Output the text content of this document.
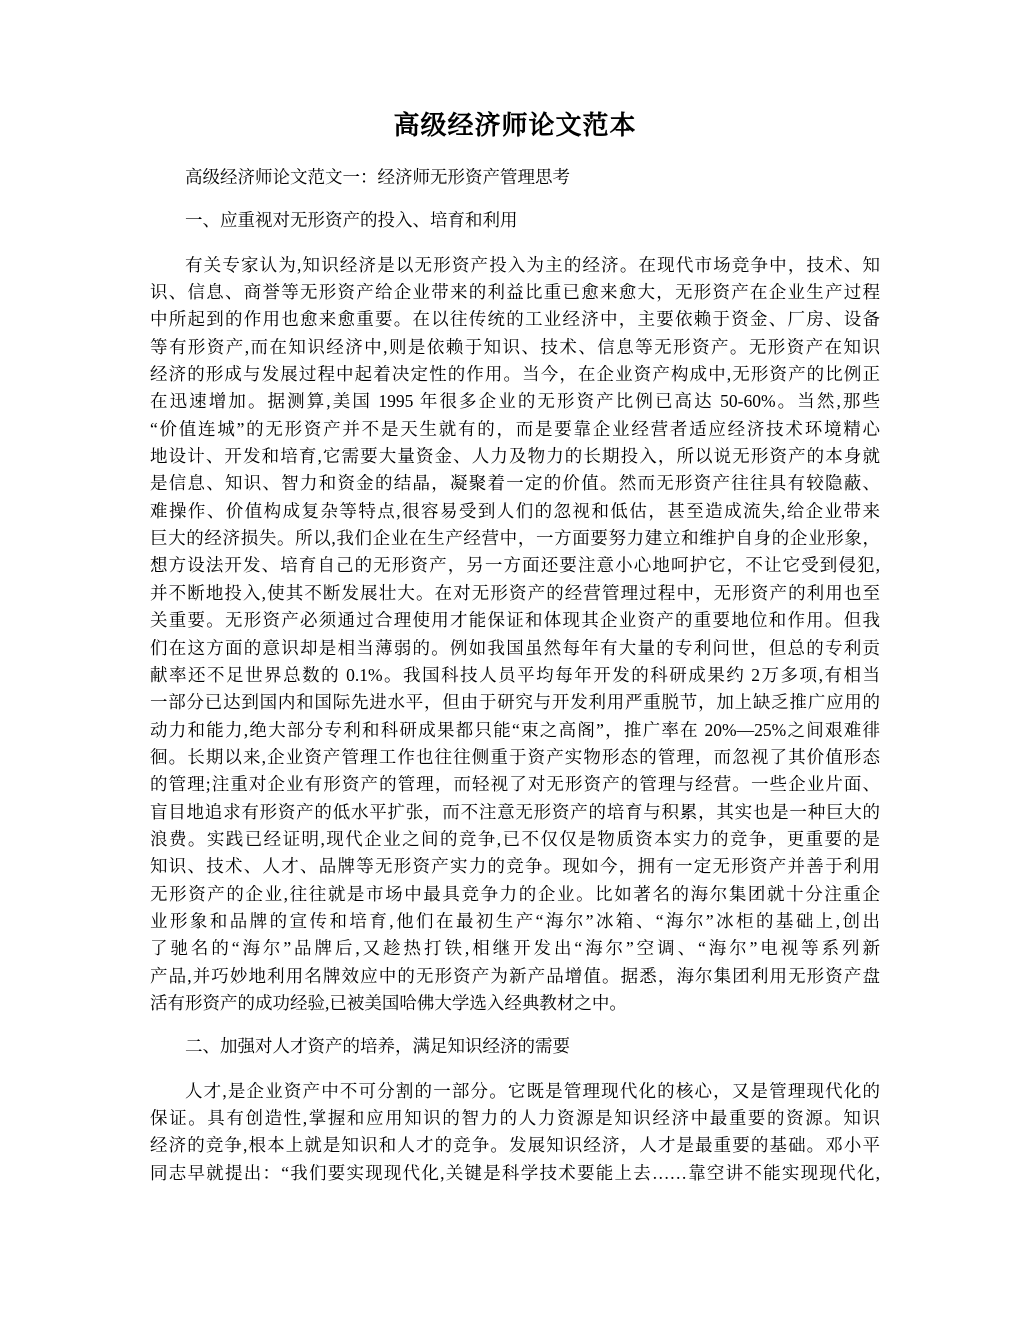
高级经济师论文范本

高级经济师论文范文一：经济师无形资产管理思考

一、应重视对无形资产的投入、培育和利用

有关专家认为,知识经济是以无形资产投入为主的经济。在现代市场竞争中，技术、知
识、信息、商誉等无形资产给企业带来的利益比重已愈来愈大，无形资产在企业生产过程
中所起到的作用也愈来愈重要。在以往传统的工业经济中，主要依赖于资金、厂房、设备
等有形资产,而在知识经济中,则是依赖于知识、技术、信息等无形资产。无形资产在知识
经济的形成与发展过程中起着决定性的作用。当今，在企业资产构成中,无形资产的比例正
在迅速增加。据测算,美国 1995 年很多企业的无形资产比例已高达 50-60%。当然,那些
“价值连城”的无形资产并不是天生就有的，而是要靠企业经营者适应经济技术环境精心
地设计、开发和培育,它需要大量资金、人力及物力的长期投入，所以说无形资产的本身就
是信息、知识、智力和资金的结晶，凝聚着一定的价值。然而无形资产往往具有较隐蔽、
难操作、价值构成复杂等特点,很容易受到人们的忽视和低估，甚至造成流失,给企业带来
巨大的经济损失。所以,我们企业在生产经营中，一方面要努力建立和维护自身的企业形象，
想方设法开发、培育自己的无形资产，另一方面还要注意小心地呵护它，不让它受到侵犯,
并不断地投入,使其不断发展壮大。在对无形资产的经营管理过程中，无形资产的利用也至
关重要。无形资产必须通过合理使用才能保证和体现其企业资产的重要地位和作用。但我
们在这方面的意识却是相当薄弱的。例如我国虽然每年有大量的专利问世，但总的专利贡
献率还不足世界总数的 0.1%。我国科技人员平均每年开发的科研成果约 2万多项,有相当
一部分已达到国内和国际先进水平，但由于研究与开发利用严重脱节，加上缺乏推广应用的
动力和能力,绝大部分专利和科研成果都只能“束之高阁”，推广率在 20%—25%之间艰难徘
徊。长期以来,企业资产管理工作也往往侧重于资产实物形态的管理，而忽视了其价值形态
的管理;注重对企业有形资产的管理，而轻视了对无形资产的管理与经营。一些企业片面、
盲目地追求有形资产的低水平扩张，而不注意无形资产的培育与积累，其实也是一种巨大的
浪费。实践已经证明,现代企业之间的竞争,已不仅仅是物质资本实力的竞争，更重要的是
知识、技术、人才、品牌等无形资产实力的竞争。现如今，拥有一定无形资产并善于利用
无形资产的企业,往往就是市场中最具竞争力的企业。比如著名的海尔集团就十分注重企
业形象和品牌的宣传和培育,他们在最初生产“海尔”冰箱、“海尔”冰柜的基础上,创出
了驰名的“海尔”品牌后,又趁热打铁,相继开发出“海尔”空调、“海尔”电视等系列新
产品,并巧妙地利用名牌效应中的无形资产为新产品增值。据悉，海尔集团利用无形资产盘
活有形资产的成功经验,已被美国哈佛大学选入经典教材之中。

二、加强对人才资产的培养，满足知识经济的需要

人才,是企业资产中不可分割的一部分。它既是管理现代化的核心，又是管理现代化的
保证。具有创造性,掌握和应用知识的智力的人力资源是知识经济中最重要的资源。知识
经济的竞争,根本上就是知识和人才的竞争。发展知识经济，人才是最重要的基础。邓小平
同志早就提出：“我们要实现现代化,关键是科学技术要能上去……靠空讲不能实现现代化,
